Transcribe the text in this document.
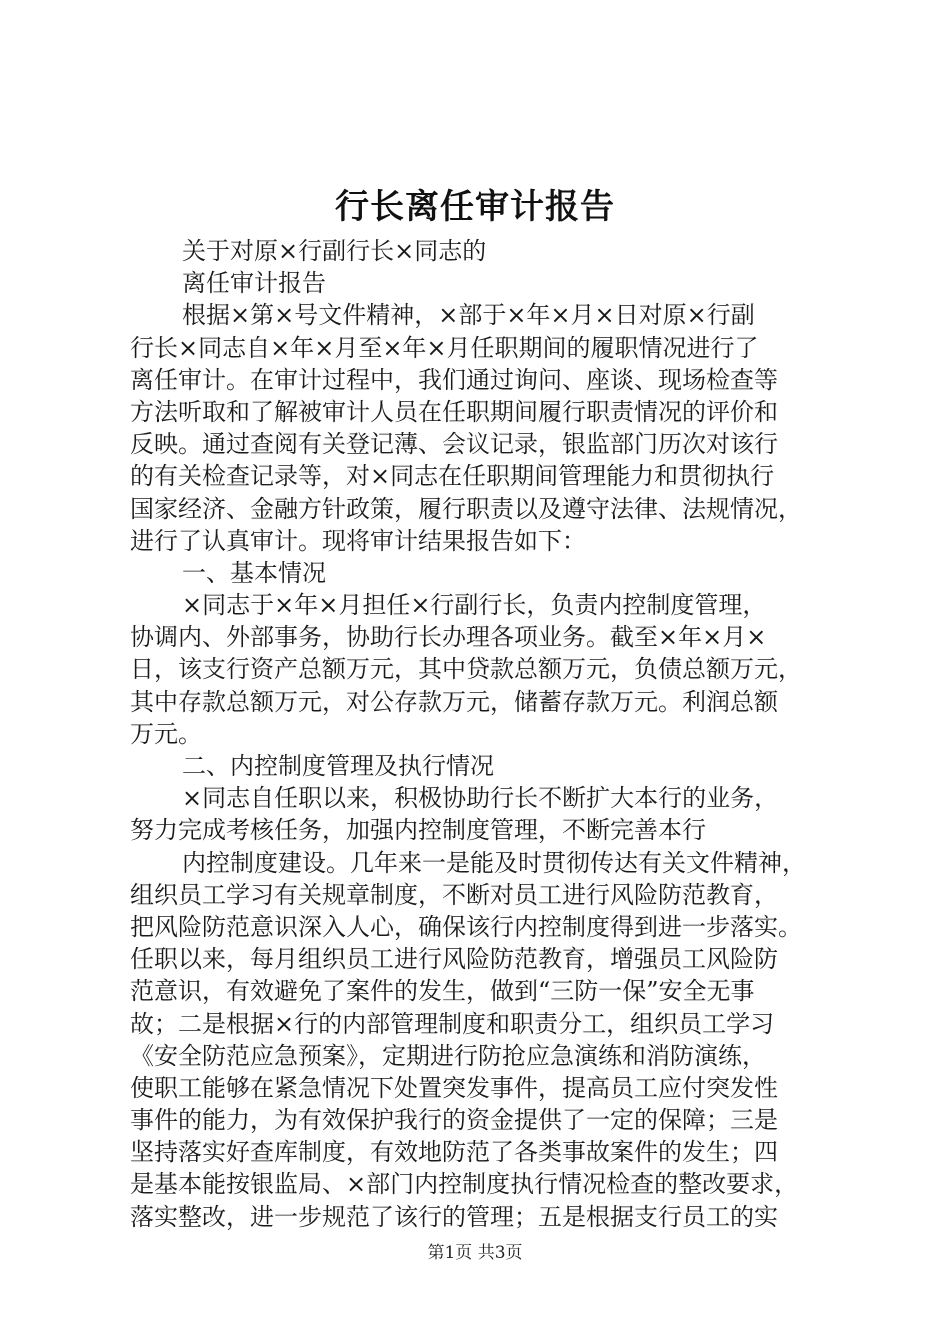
行长离任审计报告
关于对原×行副行长×同志的
离任审计报告
根据×第×号文件精神，×部于×年×月×日对原×行副
行长×同志自×年×月至×年×月任职期间的履职情况进行了
离任审计。在审计过程中，我们通过询问、座谈、现场检查等
方法听取和了解被审计人员在任职期间履行职责情况的评价和
反映。通过查阅有关登记薄、会议记录，银监部门历次对该行
的有关检查记录等，对×同志在任职期间管理能力和贯彻执行
国家经济、金融方针政策，履行职责以及遵守法律、法规情况，
进行了认真审计。现将审计结果报告如下：
一、基本情况
×同志于×年×月担任×行副行长，负责内控制度管理，
协调内、外部事务，协助行长办理各项业务。截至×年×月×
日，该支行资产总额万元，其中贷款总额万元，负债总额万元，
其中存款总额万元，对公存款万元，储蓄存款万元。利润总额
万元。
二、内控制度管理及执行情况
×同志自任职以来，积极协助行长不断扩大本行的业务，
努力完成考核任务，加强内控制度管理，不断完善本行
内控制度建设。几年来一是能及时贯彻传达有关文件精神，
组织员工学习有关规章制度，不断对员工进行风险防范教育，
把风险防范意识深入人心，确保该行内控制度得到进一步落实。
任职以来，每月组织员工进行风险防范教育，增强员工风险防
范意识，有效避免了案件的发生，做到“三防一保”安全无事
故；二是根据×行的内部管理制度和职责分工，组织员工学习
《安全防范应急预案》，定期进行防抢应急演练和消防演练，
使职工能够在紧急情况下处置突发事件，提高员工应付突发性
事件的能力，为有效保护我行的资金提供了一定的保障；三是
坚持落实好查库制度，有效地防范了各类事故案件的发生；四
是基本能按银监局、×部门内控制度执行情况检查的整改要求，
落实整改，进一步规范了该行的管理；五是根据支行员工的实
第1页 共3页
